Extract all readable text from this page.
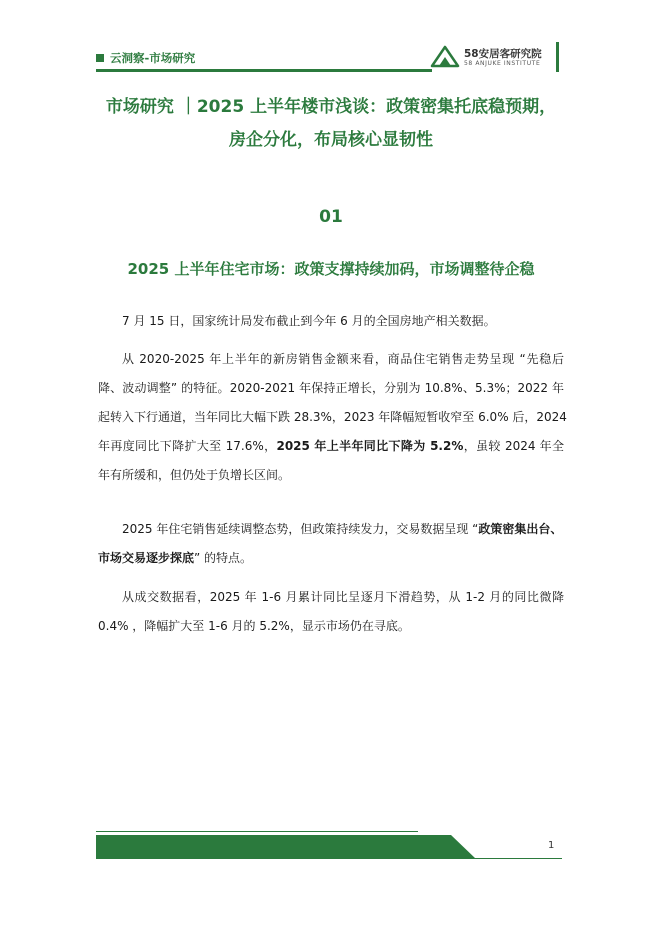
云洞察-市场研究	58安居客研究院
58 ANJUKE INSTITUTE
市场研究 ｜2025 上半年楼市浅谈：政策密集托底稳预期，
房企分化，布局核心显韧性
01
2025 上半年住宅市场：政策支撑持续加码，市场调整待企稳
7 月 15 日，国家统计局发布截止到今年 6 月的全国房地产相关数据。
从 2020-2025 年上半年的新房销售金额来看，商品住宅销售走势呈现 “先稳后
降、波动调整” 的特征。2020-2021 年保持正增长，分别为 10.8%、5.3%；2022 年
起转入下行通道，当年同比大幅下跌 28.3%，2023 年降幅短暂收窄至 6.0% 后，2024
年再度同比下降扩大至 17.6%，2025 年上半年同比下降为 5.2%，虽较 2024 年全
年有所缓和，但仍处于负增长区间。
2025 年住宅销售延续调整态势，但政策持续发力，交易数据呈现 “政策密集出台、
市场交易逐步探底” 的特点。
从成交数据看，2025 年 1-6 月累计同比呈逐月下滑趋势，从 1-2 月的同比微降
0.4% ，降幅扩大至 1-6 月的 5.2%，显示市场仍在寻底。
1
